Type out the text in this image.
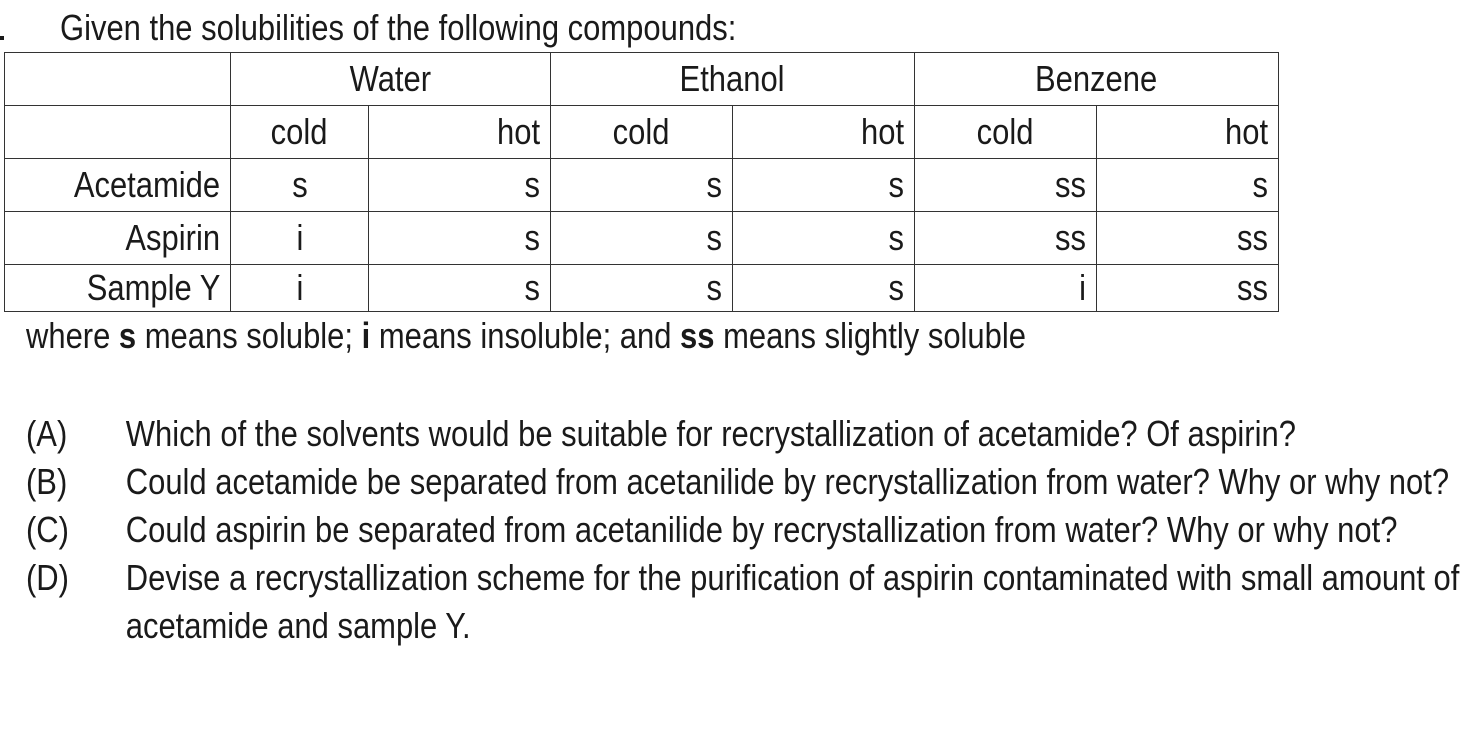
Given the solubilities of the following compounds:
	Water		Ethanol		Benzene	
	cold	hot	cold	hot	cold	hot
Acetamide	s	s	s	s	ss	s
Aspirin	i	s	s	s	ss	ss
Sample Y	i	s	s	s	i	ss
where s means soluble; i means insoluble; and ss means slightly soluble
(A)	Which of the solvents would be suitable for recrystallization of acetamide? Of aspirin?
(B)	Could acetamide be separated from acetanilide by recrystallization from water? Why or why not?
(C)	Could aspirin be separated from acetanilide by recrystallization from water? Why or why not?
(D)	Devise a recrystallization scheme for the purification of aspirin contaminated with small amount of acetamide and sample Y.
